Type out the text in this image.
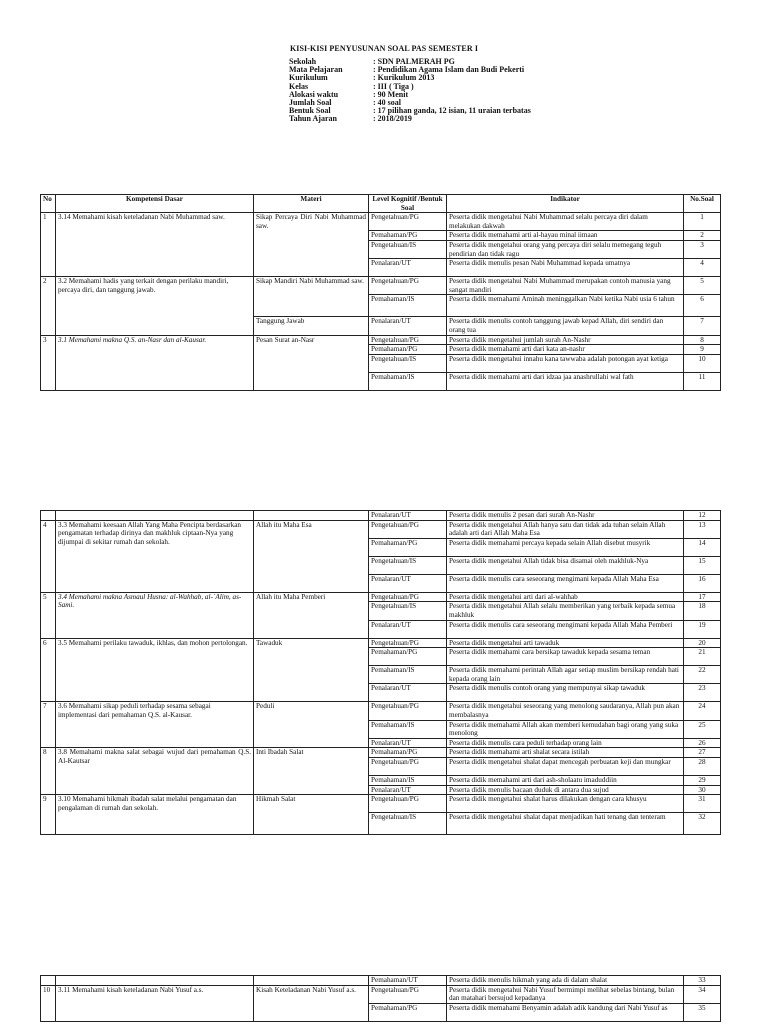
KISI-KISI PENYUSUNAN SOAL PAS SEMESTER I
Sekolah	: SDN PALMERAH PG
Mata Pelajaran	: Pendidikan Agama Islam dan Budi Pekerti
Kurikulum	: Kurikulum 2013
Kelas	: III ( Tiga )
Alokasi waktu	: 90 Menit
Jumlah Soal	: 40 soal
Bentuk Soal	: 17 pilihan ganda, 12 isian, 11 uraian terbatas
Tahun Ajaran	: 2018/2019
No	Kompetensi Dasar	Materi	Level Kognitif /Bentuk Soal	Indikator	No.Soal
1	3.14 Memahami kisah keteladanan Nabi Muhammad saw.	Sikap Percaya Diri Nabi Muhammad saw.	Pengetahuan/PG	Peserta didik mengetahui Nabi Muhammad selalu percaya diri dalam melakukan dakwah	1
			Pemahaman/PG	Peserta didik memahami arti al-hayau minal iimaan	2
			Pengetahuan/IS	Peserta didik mengetahui orang yang percaya diri selalu memegang teguh pendirian dan tidak ragu	3
			Penalaran/UT	Peserta didik menulis pesan Nabi Muhammad kepada umatnya	4
2	3.2 Memahami hadis yang terkait dengan perilaku mandiri, percaya diri, dan tanggung jawab.	Sikap Mandiri Nabi Muhammad saw.	Pengetahuan/PG	Peserta didik mengetahui Nabi Muhammad merupakan contoh manusia yang sangat mandiri	5
			Pemahaman/IS	Peserta didik memahami Aminah meninggalkan Nabi ketika Nabi usia 6 tahun	6
		Tanggung Jawab	Penalaran/UT	Peserta didik menulis contoh tanggung jawab kepad Allah, diri sendiri dan orang tua	7
3	3.1 Memahami makna Q.S. an-Nasr dan al-Kausar.	Pesan Surat an-Nasr	Pengetahuan/PG	Peserta didik mengetahui jumlah surah An-Nashr	8
			Pemahaman/PG	Peserta didik memahami arti dari kata an-nashr	9
			Pengetahuan/IS	Peserta didik mengetahui innahu kana tawwaba adalah potongan ayat ketiga	10
			Pemahaman/IS	Peserta didik memahami arti dari idzaa jaa anashrullahi wal fath	11
			Penalaran/UT	Peserta didik menulis 2 pesan dari surah An-Nashr	12
4	3.3 Memahami keesaan Allah Yang Maha Pencipta berdasarkan pengamatan terhadap dirinya dan makhluk ciptaan-Nya yang dijumpai di sekitar rumah dan sekolah.	Allah itu Maha Esa	Pengetahuan/PG	Peserta didik mengetahui Allah hanya satu dan tidak ada tuhan selain Allah adalah arti dari Allah Maha Esa	13
			Pemahaman/PG	Peserta didik memahami percaya kepada selain Allah disebut musyrik	14
			Pengetahuan/IS	Peserta didik mengetahui Allah tidak bisa disamai oleh makhluk-Nya	15
			Penalaran/UT	Peserta didik menulis cara seseorang mengimani kepada Allah Maha Esa	16
5	3.4 Memahami makna Asmaul Husna: al-Wahhab, al-`Alim, as-Sami.	Allah itu Maha Pemberi	Pengetahuan/PG	Peserta didik mengetahui arti dari al-wahhab	17
			Pengetahuan/IS	Peserta didik mengetahui Allah selalu memberikan yang terbaik kepada semua makhluk	18
			Penalaran/UT	Peserta didik menulis cara seseorang mengimani kepada Allah Maha Pemberi	19
6	3.5 Memahami perilaku tawaduk, ikhlas, dan mohon pertolongan.	Tawaduk	Pengetahuan/PG	Peserta didik mengetahui arti tawaduk	20
			Pemahaman/PG	Peserta didik memahami cara bersikap tawaduk kepada sesama teman	21
			Pemahaman/IS	Peserta didik memahami perintah Allah agar setiap muslim bersikap rendah hati kepada orang lain	22
			Penalaran/UT	Peserta didik menulis contoh orang yang mempunyai sikap tawaduk	23
7	3.6 Memahami sikap peduli terhadap sesama sebagai implementasi dari pemahaman Q.S. al-Kausar.	Peduli	Pengetahuan/PG	Peserta didik mengetahui seseorang yang menolong saudaranya, Allah pun akan membalasnya	24
			Pemahaman/IS	Peserta didik memahami Allah akan memberi kemudahan bagi orang yang suka menolong	25
			Penalaran/UT	Peserta didik menulis cara peduli terhadap orang lain	26
8	3.8 Memahami makna salat sebagai wujud dari pemahaman Q.S. Al-Kautsar	Inti Ibadah Salat	Pemahaman/PG	Peserta didik memahami arti shalat secara istilah	27
			Pengetahuan/PG	Peserta didik mengetahui shalat dapat mencegah perbuatan keji dan mungkar	28
			Pemahaman/IS	Peserta didik memahami arti dari ash-sholaatu imaduddiin	29
			Penalaran/UT	Peserta didik menulis bacaan duduk di antara dua sujud	30
9	3.10 Memahami hikmah ibadah salat melalui pengamatan dan pengalaman di rumah dan sekolah.	Hikmah Salat	Pengetahuan/PG	Peserta didik mengetahui shalat harus dilakukan dengan cara khusyu	31
			Pengetahuan/IS	Peserta didik mengetahui shalat dapat menjadikan hati tenang dan tenteram	32
			Pemahaman/UT	Peserta didik menulis hikmah yang ada di dalam shalat	33
10	3.11 Memahami kisah keteladanan Nabi Yusuf a.s.	Kisah Keteladanan Nabi Yusuf a.s.	Pengetahuan/PG	Peserta didik mengetahui Nabi Yusuf bermimpi melihat sebelas bintang, bulan dan matahari bersujud kepadanya	34
			Pemahaman/PG	Peserta didik memahami Benyamin adalah adik kandung dari Nabi Yusuf as	35
